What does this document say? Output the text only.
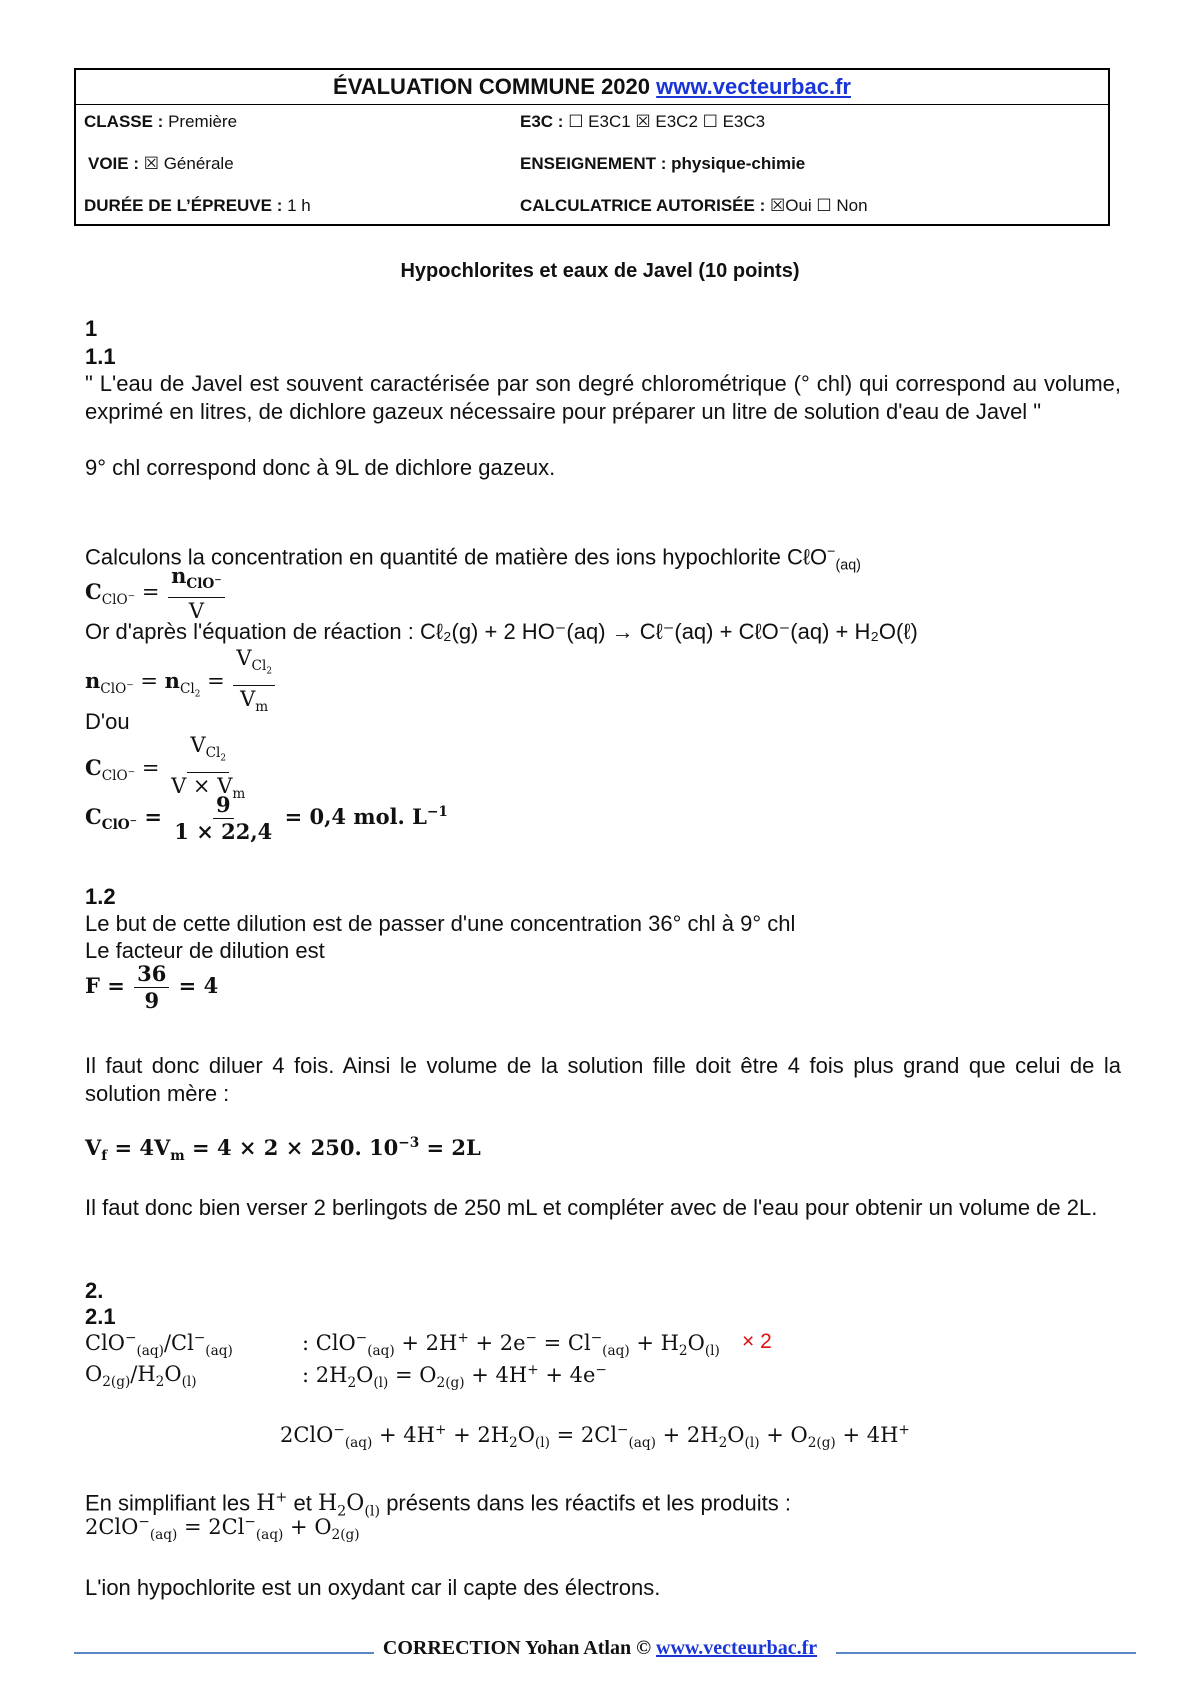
ÉVALUATION COMMUNE 2020 www.vecteurbac.fr
CLASSE : Première	E3C : ☐ E3C1 ☒ E3C2 ☐ E3C3
VOIE : ☒ Générale	ENSEIGNEMENT : physique-chimie
DURÉE DE L’ÉPREUVE : 1 h	CALCULATRICE AUTORISÉE : ☒Oui ☐ Non
Hypochlorites et eaux de Javel (10 points)
1
1.1
" L'eau de Javel est souvent caractérisée par son degré chlorométrique (° chl) qui correspond au volume, exprimé en litres, de dichlore gazeux nécessaire pour préparer un litre de solution d'eau de Javel "
9° chl correspond donc à 9L de dichlore gazeux.
Calculons la concentration en quantité de matière des ions hypochlorite CℓO−$_{(aq)}$
$C_{ClO^-} = \frac{n_{ClO^-}}{V}$
Or d'après l'équation de réaction : Cℓ₂(g) + 2 HO⁻(aq) → Cℓ⁻(aq) + CℓO⁻(aq) + H₂O(ℓ)
$n_{ClO^-} = n_{Cl_2} = \frac{V_{Cl_2}}{V_m}$
D'ou
$C_{ClO^-} = \frac{V_{Cl_2}}{V \times V_m}$
$C_{ClO^-} = \frac{9}{1 \times 22,4} = 0,4$ mol. $L^{-1}$
1.2
Le but de cette dilution est de passer d'une concentration 36° chl à 9° chl
Le facteur de dilution est
$F = \frac{36}{9} = 4$
Il faut donc diluer 4 fois. Ainsi le volume de la solution fille doit être 4 fois plus grand que celui de la solution mère :
$V_f = 4V_m = 4 \times 2 \times 250$. $10^{-3} = 2L$
Il faut donc bien verser 2 berlingots de 250 mL et compléter avec de l'eau pour obtenir un volume de 2L.
2.
2.1
$ClO^-_{(aq)}/Cl^-_{(aq)}$	: $ClO^-_{(aq)} + 2H^+ + 2e^- = Cl^-_{(aq)} + H_2O_{(l)} \times 2$
$O_{2(g)}/H_2O_{(l)}$	: $2H_2O_{(l)} = O_{2(g)} + 4H^+ + 4e^-$
$2ClO^-_{(aq)} + 4H^+ + 2H_2O_{(l)} = 2Cl^-_{(aq)} + 2H_2O_{(l)} + O_{2(g)} + 4H^+$
En simplifiant les H+ et $H_2O_{(l)}$ présents dans les réactifs et les produits :
$2ClO^-_{(aq)} = 2Cl^-_{(aq)} + O_{2(g)}$
L'ion hypochlorite est un oxydant car il capte des électrons.
CORRECTION Yohan Atlan © www.vecteurbac.fr
